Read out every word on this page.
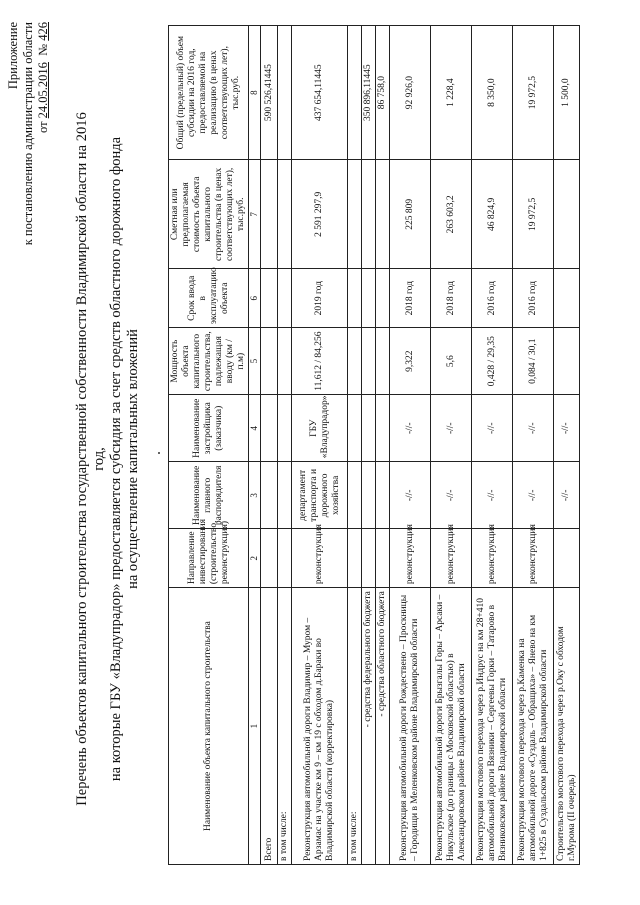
Приложение к постановлению администрации области от 24.05.2016  № 426
Перечень объектов капитального строительства государственной собственности Владимирской области на 2016 год, на которые ГБУ «Владупрадор» предоставляется субсидия за счет средств областного дорожного фонда на осуществление капитальных вложений
Наименование объекта капитального строительства	Направление инвестирования (строительство, реконструкция)	Наименование главного распорядителя	Наименование застройщика (заказчика)	Мощность объекта капитального строительства, подлежащая вводу (км / п.м)	Срок ввода в эксплуатацию объекта	Сметная или предполагаемая стоимость объекта капитального строительства (в ценах соответствующих лет), тыс.руб.	Общий (предельный) объем субсидии на 2016 год, предоставляемой на реализацию (в ценах соответствующих лет), тыс.руб.
1	2	3	4	5	6	7	8
Всего							590 526,41445
в том числе:							
Реконструкция автомобильной дороги Владимир – Муром – Арзамас на участке км 9 – км 19 с обходом д.Бараки во Владимирской области (корректировка)	реконструкция	департамент транспорта и дорожного хозяйства	ГБУ «Владупрадор»	11,612 / 84,256	2019 год	2 591 297,9	437 654,11445
в том числе:							
- средства федерального бюджета							350 896,11445
- средства областного бюджета							86 758,0
Реконструкция автомобильной дороги Рождествено – Проскницы – Городищи в Меленковском районе Владимирской области	реконструкция	-//-	-//-	9,322	2018 год	225 809	92 926,0
Реконструкция автомобильной дороги Брызгалы Горы – Арсаки – Никульское (до границы с Московской областью) в Александровском районе Владимирской области	реконструкция	-//-	-//-	5,6	2018 год	263 603,2	1 228,4
Реконструкция мостового перехода через р.Индрус на км 28+410 автомобильной дороги Вязники – Сергеевы Горки – Татарово в Вязниковском районе Владимирской области	реконструкция	-//-	-//-	0,428 / 29,35	2016 год	46 824,9	8 350,0
Реконструкция мостового перехода через р.Каменка на автомобильной дороге «Суздаль – Обращиха» – Янево на км 1+825 в Суздальском районе Владимирской области	реконструкция	-//-	-//-	0,084 / 30,1	2016 год	19 972,5	19 972,5
Строительство мостового перехода через р.Оку с обходом г.Мурома (II очередь)		-//-	-//-				1 500,0
